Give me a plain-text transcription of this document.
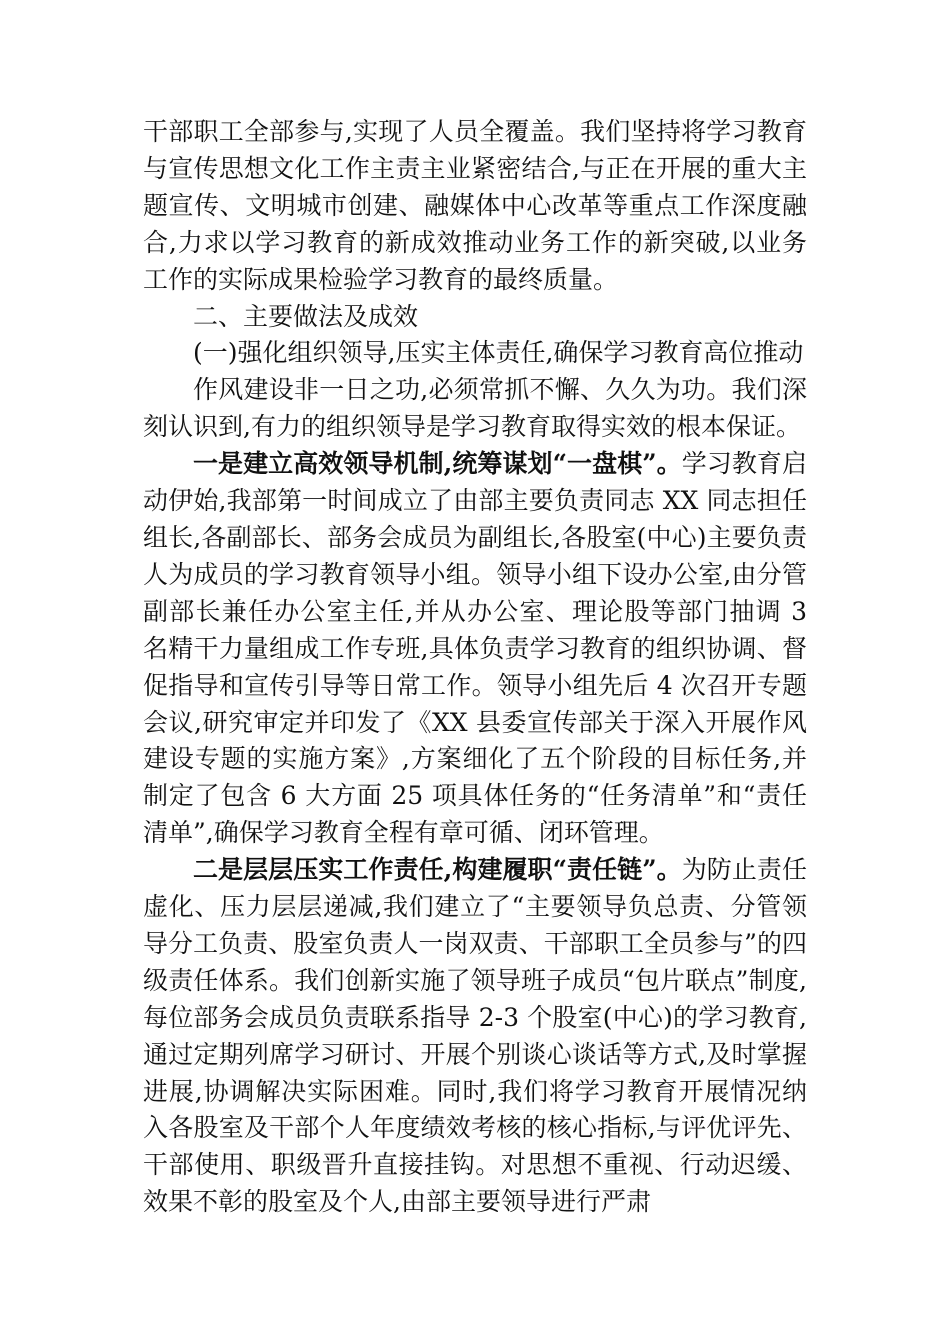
干部职工全部参与,实现了人员全覆盖。我们坚持将学习教育与宣传思想文化工作主责主业紧密结合,与正在开展的重大主题宣传、文明城市创建、融媒体中心改革等重点工作深度融合,力求以学习教育的新成效推动业务工作的新突破,以业务工作的实际成果检验学习教育的最终质量。

二、主要做法及成效

(一)强化组织领导,压实主体责任,确保学习教育高位推动

作风建设非一日之功,必须常抓不懈、久久为功。我们深刻认识到,有力的组织领导是学习教育取得实效的根本保证。

一是建立高效领导机制,统筹谋划“一盘棋”。学习教育启动伊始,我部第一时间成立了由部主要负责同志 XX 同志担任组长,各副部长、部务会成员为副组长,各股室(中心)主要负责人为成员的学习教育领导小组。领导小组下设办公室,由分管副部长兼任办公室主任,并从办公室、理论股等部门抽调 3 名精干力量组成工作专班,具体负责学习教育的组织协调、督促指导和宣传引导等日常工作。领导小组先后 4 次召开专题会议,研究审定并印发了《XX 县委宣传部关于深入开展作风建设专题的实施方案》,方案细化了五个阶段的目标任务,并制定了包含 6 大方面 25 项具体任务的“任务清单”和“责任清单”,确保学习教育全程有章可循、闭环管理。

二是层层压实工作责任,构建履职“责任链”。为防止责任虚化、压力层层递减,我们建立了“主要领导负总责、分管领导分工负责、股室负责人一岗双责、干部职工全员参与”的四级责任体系。我们创新实施了领导班子成员“包片联点”制度,每位部务会成员负责联系指导 2-3 个股室(中心)的学习教育,通过定期列席学习研讨、开展个别谈心谈话等方式,及时掌握进展,协调解决实际困难。同时,我们将学习教育开展情况纳入各股室及干部个人年度绩效考核的核心指标,与评优评先、干部使用、职级晋升直接挂钩。对思想不重视、行动迟缓、效果不彰的股室及个人,由部主要领导进行严肃
